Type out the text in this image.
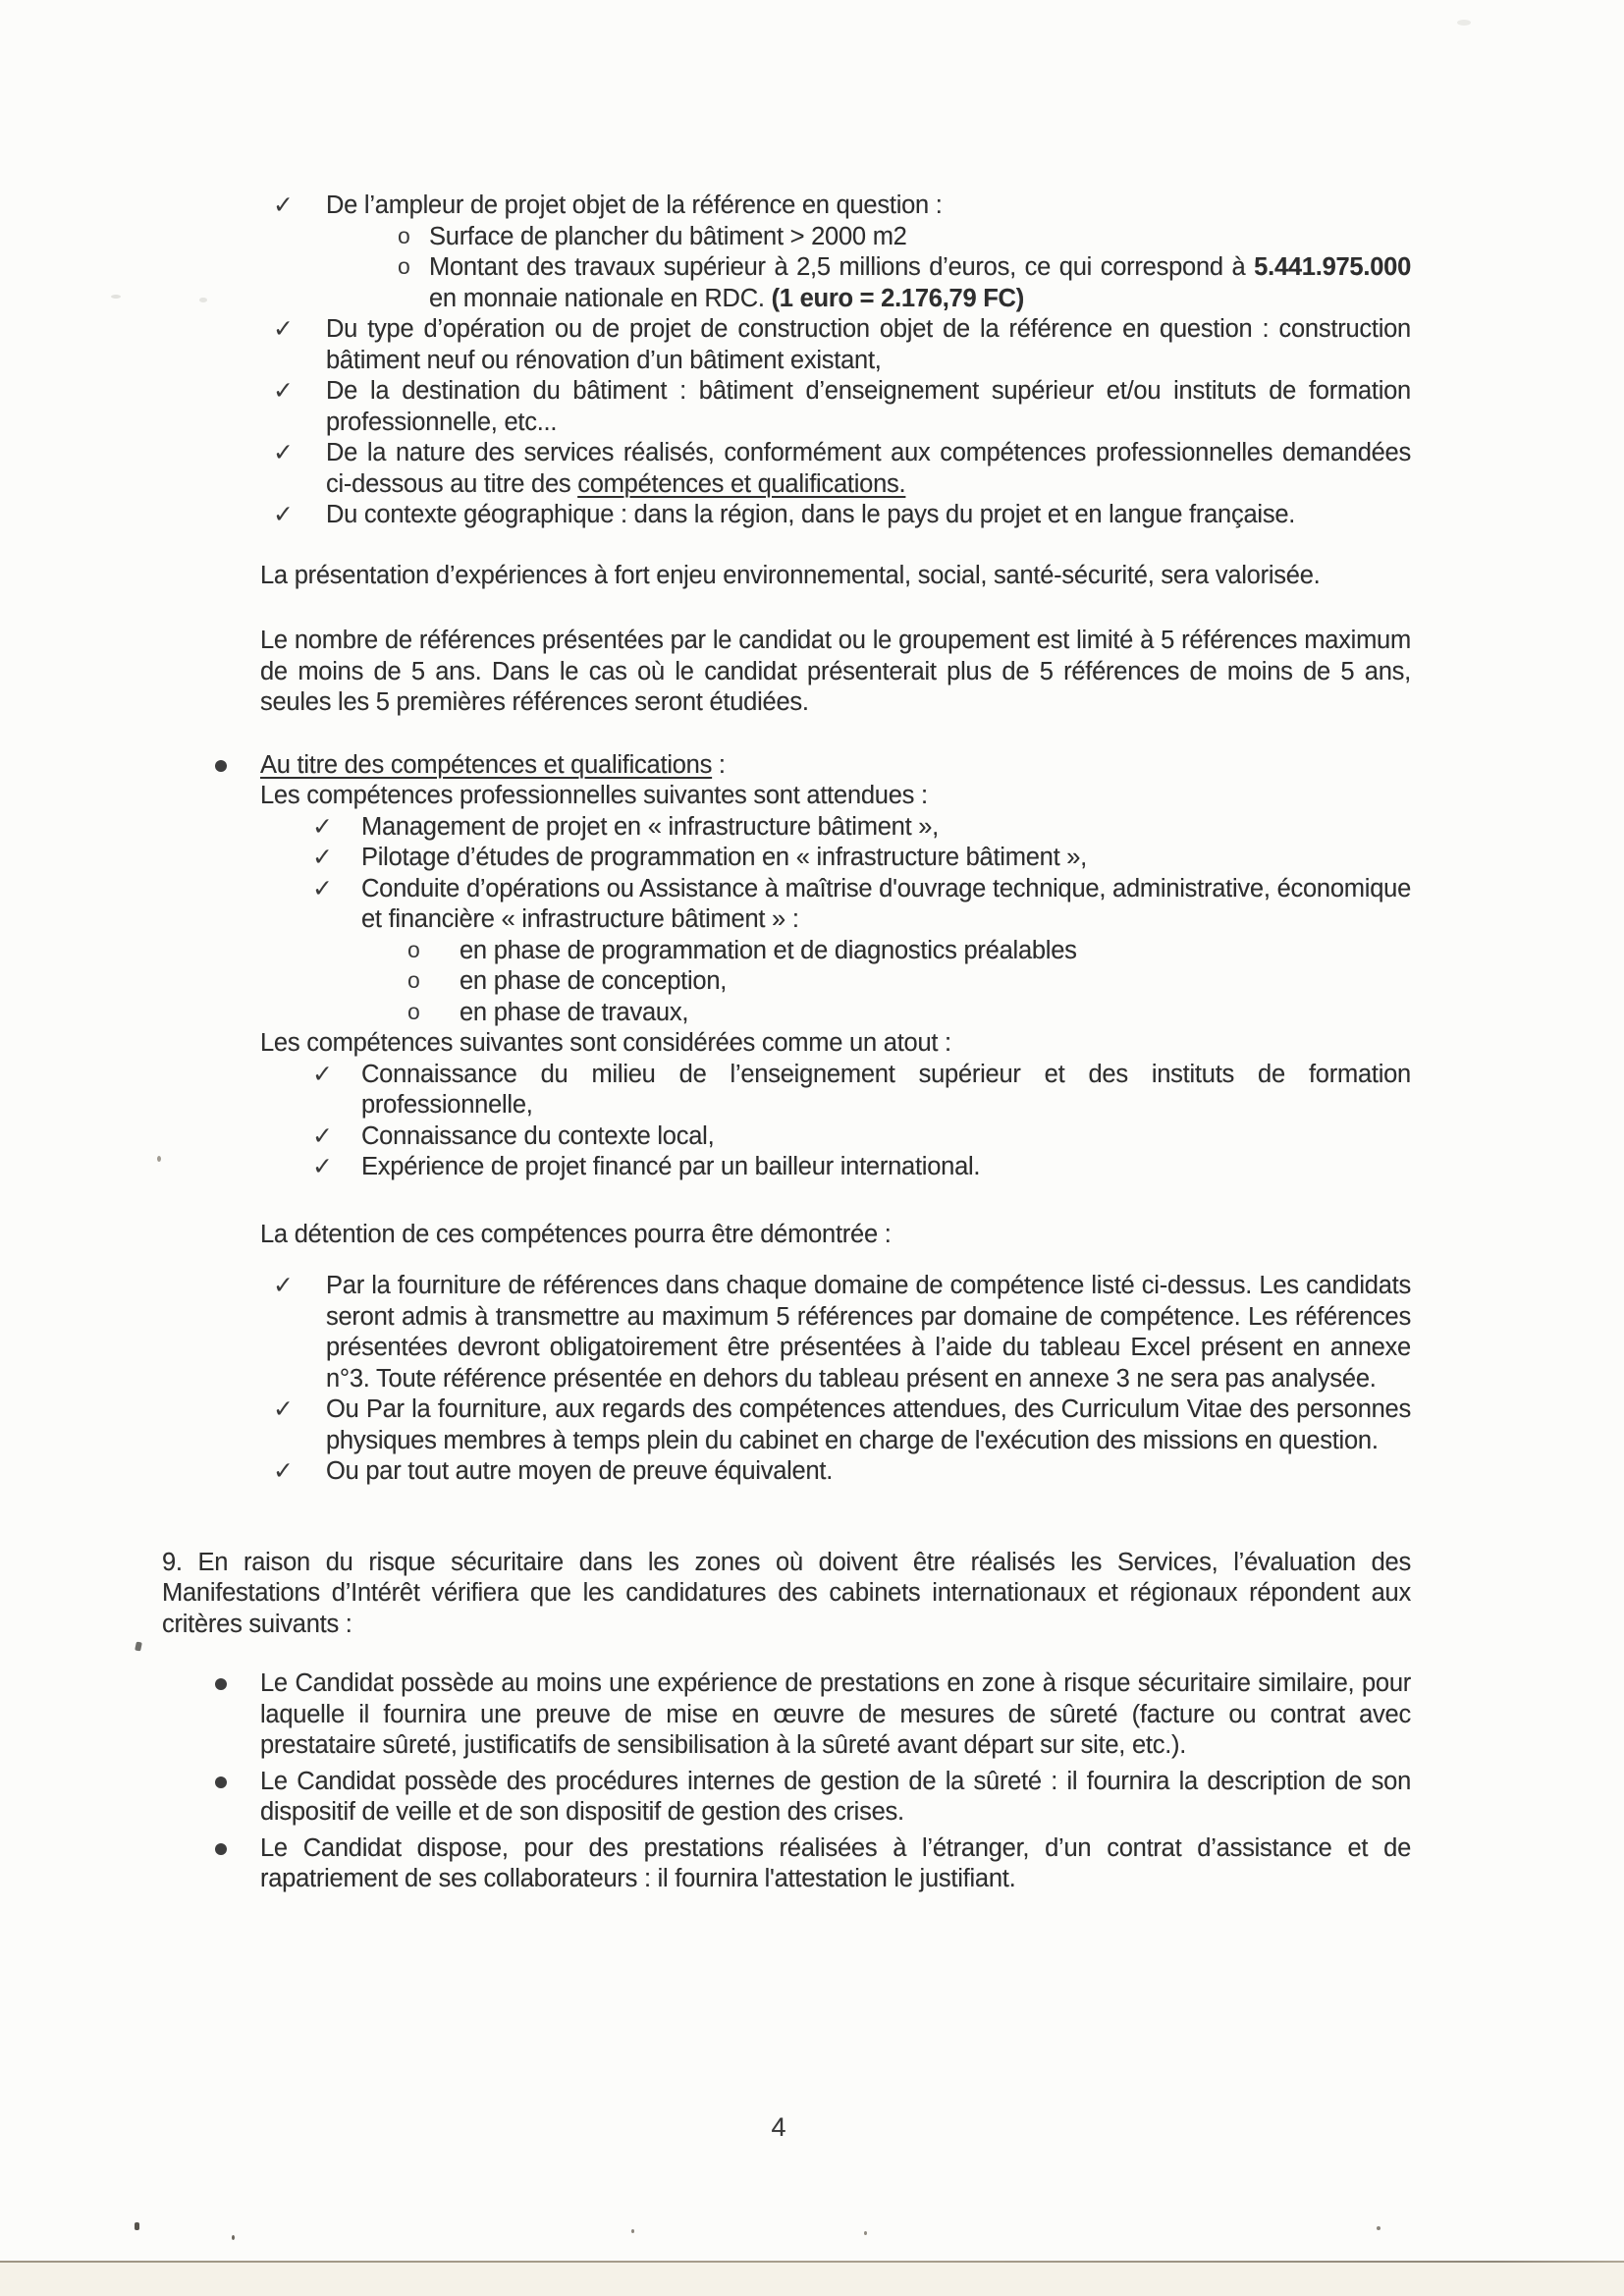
✓ De l’ampleur de projet objet de la référence en question :
o Surface de plancher du bâtiment > 2000 m2
o Montant des travaux supérieur à 2,5 millions d’euros, ce qui correspond à 5.441.975.000 en monnaie nationale en RDC. (1 euro = 2.176,79 FC)
✓ Du type d’opération ou de projet de construction objet de la référence en question : construction bâtiment neuf ou rénovation d’un bâtiment existant,
✓ De la destination du bâtiment : bâtiment d’enseignement supérieur et/ou instituts de formation professionnelle, etc...
✓ De la nature des services réalisés, conformément aux compétences professionnelles demandées ci-dessous au titre des compétences et qualifications.
✓ Du contexte géographique : dans la région, dans le pays du projet et en langue française.

La présentation d’expériences à fort enjeu environnemental, social, santé-sécurité, sera valorisée.

Le nombre de références présentées par le candidat ou le groupement est limité à 5 références maximum de moins de 5 ans. Dans le cas où le candidat présenterait plus de 5 références de moins de 5 ans, seules les 5 premières références seront étudiées.

Au titre des compétences et qualifications :
Les compétences professionnelles suivantes sont attendues :
✓ Management de projet en « infrastructure bâtiment »,
✓ Pilotage d’études de programmation en « infrastructure bâtiment »,
✓ Conduite d’opérations ou Assistance à maîtrise d'ouvrage technique, administrative, économique et financière « infrastructure bâtiment » :
o en phase de programmation et de diagnostics préalables
o en phase de conception,
o en phase de travaux,
Les compétences suivantes sont considérées comme un atout :
✓ Connaissance du milieu de l’enseignement supérieur et des instituts de formation professionnelle,
✓ Connaissance du contexte local,
✓ Expérience de projet financé par un bailleur international.

La détention de ces compétences pourra être démontrée :

✓ Par la fourniture de références dans chaque domaine de compétence listé ci-dessus. Les candidats seront admis à transmettre au maximum 5 références par domaine de compétence. Les références présentées devront obligatoirement être présentées à l’aide du tableau Excel présent en annexe n°3. Toute référence présentée en dehors du tableau présent en annexe 3 ne sera pas analysée.
✓ Ou Par la fourniture, aux regards des compétences attendues, des Curriculum Vitae des personnes physiques membres à temps plein du cabinet en charge de l'exécution des missions en question.
✓ Ou par tout autre moyen de preuve équivalent.

9. En raison du risque sécuritaire dans les zones où doivent être réalisés les Services, l’évaluation des Manifestations d’Intérêt vérifiera que les candidatures des cabinets internationaux et régionaux répondent aux critères suivants :

Le Candidat possède au moins une expérience de prestations en zone à risque sécuritaire similaire, pour laquelle il fournira une preuve de mise en œuvre de mesures de sûreté (facture ou contrat avec prestataire sûreté, justificatifs de sensibilisation à la sûreté avant départ sur site, etc.).
Le Candidat possède des procédures internes de gestion de la sûreté : il fournira la description de son dispositif de veille et de son dispositif de gestion des crises.
Le Candidat dispose, pour des prestations réalisées à l’étranger, d’un contrat d’assistance et de rapatriement de ses collaborateurs : il fournira l'attestation le justifiant.
4
